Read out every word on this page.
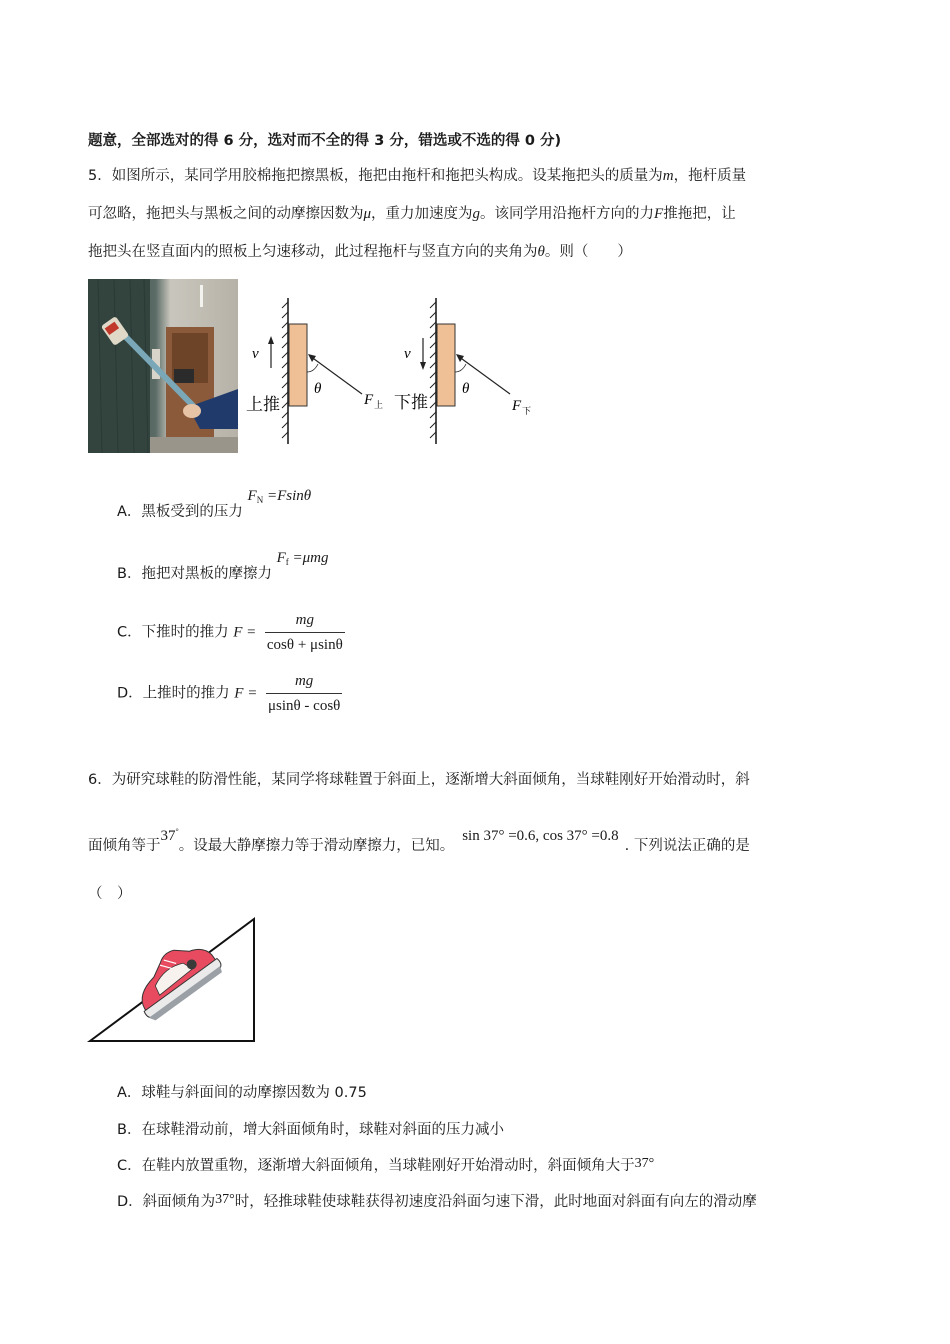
题意，全部选对的得 6 分，选对而不全的得 3 分，错选或不选的得 0 分)
5．如图所示，某同学用胶棉拖把擦黑板，拖把由拖杆和拖把头构成。设某拖把头的质量为m，拖杆质量
可忽略，拖把头与黑板之间的动摩擦因数为μ，重力加速度为g。该同学用沿拖杆方向的力F推拖把，让
拖把头在竖直面内的照板上匀速移动，此过程拖杆与竖直方向的夹角为θ。则（　　）
v
θ
F 上
上推
v
θ
F 下
下推
A．黑板受到的压力 $F_N =Fsin\theta$
B．拖把对黑板的摩擦力 $F_f =\mu mg$
C．下推时的推力 $F = \frac{mg}{\cos\theta + \mu\sin\theta}$
D．上推时的推力 $F = \frac{mg}{\mu\sin\theta - \cos\theta}$
6．为研究球鞋的防滑性能，某同学将球鞋置于斜面上，逐渐增大斜面倾角，当球鞋刚好开始滑动时，斜
面倾角等于37°。设最大静摩擦力等于滑动摩擦力，已知。sin 37° =0.6, cos 37° =0.8. 下列说法正确的是
（　）
A．球鞋与斜面间的动摩擦因数为 0.75
B．在球鞋滑动前，增大斜面倾角时，球鞋对斜面的压力减小
C．在鞋内放置重物，逐渐增大斜面倾角，当球鞋刚好开始滑动时，斜面倾角大于37°
D．斜面倾角为37°时，轻推球鞋使球鞋获得初速度沿斜面匀速下滑，此时地面对斜面有向左的滑动摩
